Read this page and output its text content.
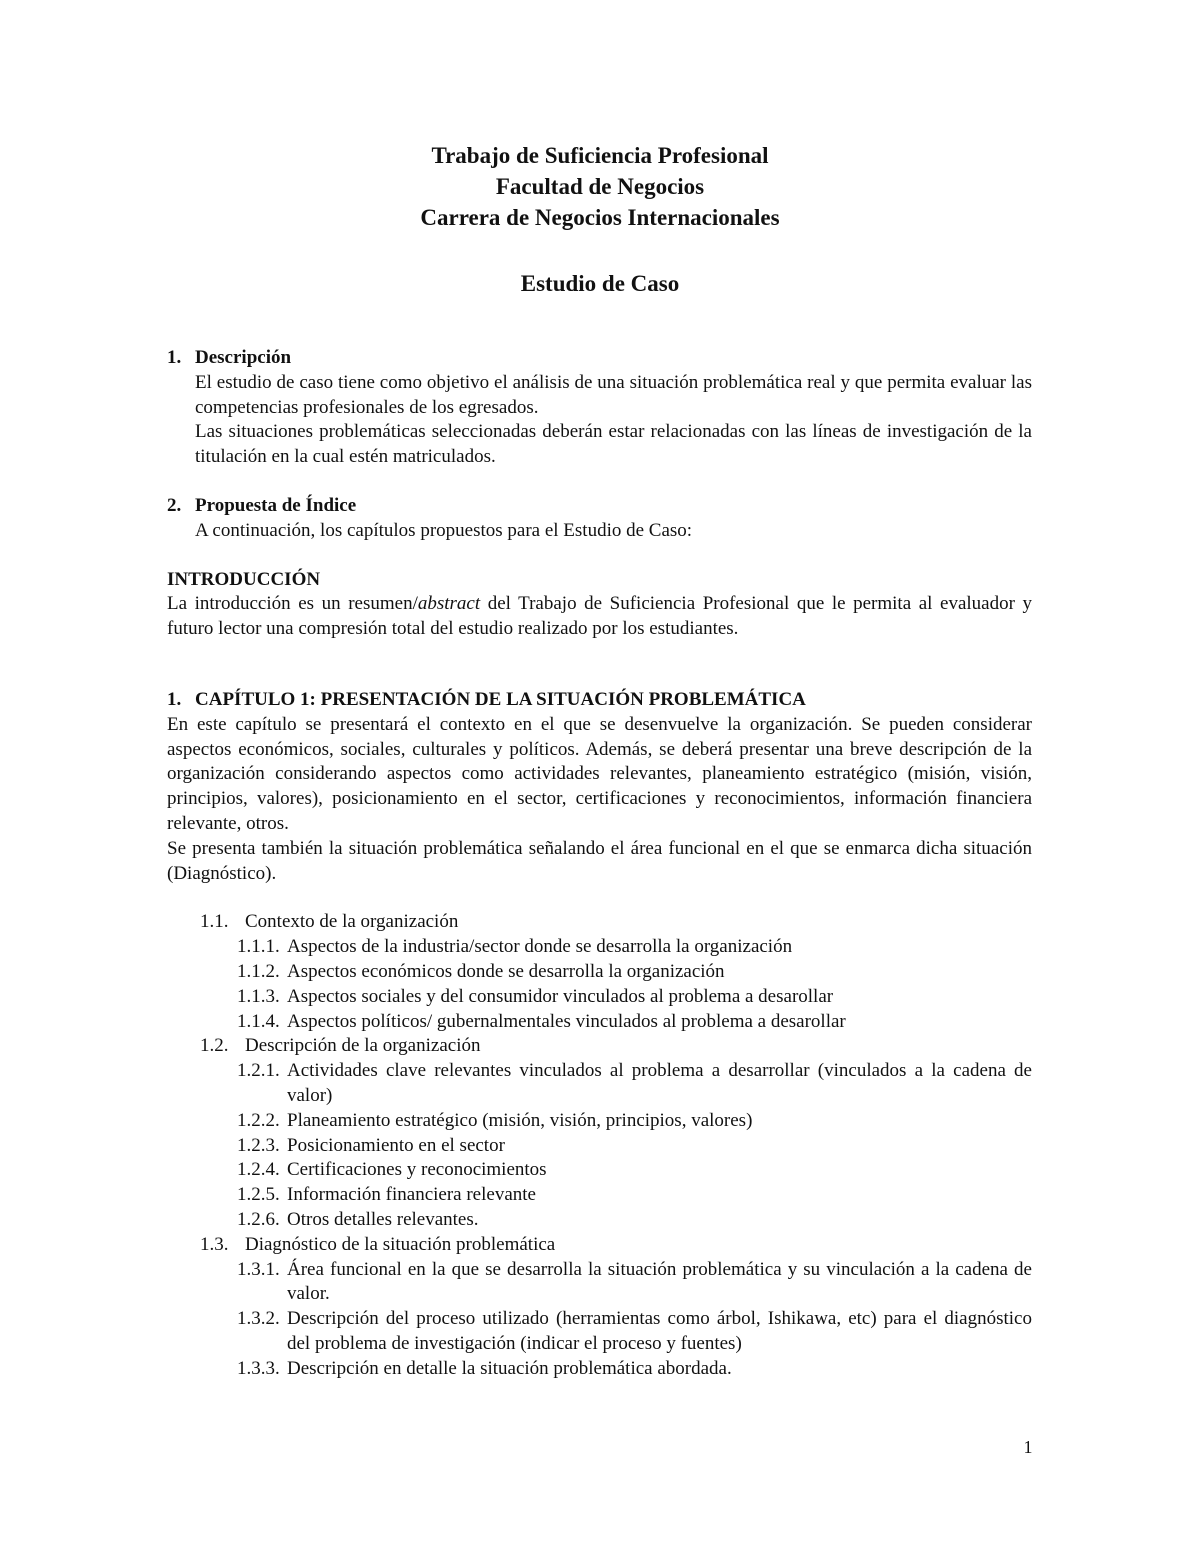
Trabajo de Suficiencia Profesional
Facultad de Negocios
Carrera de Negocios Internacionales
Estudio de Caso
1. Descripción
El estudio de caso tiene como objetivo el análisis de una situación problemática real y que permita evaluar las competencias profesionales de los egresados.
Las situaciones problemáticas seleccionadas deberán estar relacionadas con las líneas de investigación de la titulación en la cual estén matriculados.
2. Propuesta de Índice
A continuación, los capítulos propuestos para el Estudio de Caso:
INTRODUCCIÓN
La introducción es un resumen/abstract del Trabajo de Suficiencia Profesional que le permita al evaluador y futuro lector una compresión total del estudio realizado por los estudiantes.
1. CAPÍTULO 1: PRESENTACIÓN DE LA SITUACIÓN PROBLEMÁTICA
En este capítulo se presentará el contexto en el que se desenvuelve la organización. Se pueden considerar aspectos económicos, sociales, culturales y políticos. Además, se deberá presentar una breve descripción de la organización considerando aspectos como actividades relevantes, planeamiento estratégico (misión, visión, principios, valores), posicionamiento en el sector, certificaciones y reconocimientos, información financiera relevante, otros.
Se presenta también la situación problemática señalando el área funcional en el que se enmarca dicha situación (Diagnóstico).
1.1. Contexto de la organización
1.1.1. Aspectos de la industria/sector donde se desarrolla la organización
1.1.2. Aspectos económicos donde se desarrolla la organización
1.1.3. Aspectos sociales y del consumidor vinculados al problema a desarollar
1.1.4. Aspectos políticos/ gubernalmentales vinculados al problema a desarollar
1.2. Descripción de la organización
1.2.1. Actividades clave relevantes vinculados al problema a desarrollar (vinculados a la cadena de valor)
1.2.2. Planeamiento estratégico (misión, visión, principios, valores)
1.2.3. Posicionamiento en el sector
1.2.4. Certificaciones y reconocimientos
1.2.5. Información financiera relevante
1.2.6. Otros detalles relevantes.
1.3. Diagnóstico de la situación problemática
1.3.1. Área funcional en la que se desarrolla la situación problemática y su vinculación a la cadena de valor.
1.3.2. Descripción del proceso utilizado (herramientas como árbol, Ishikawa, etc) para el diagnóstico del problema de investigación (indicar el proceso y fuentes)
1.3.3. Descripción en detalle la situación problemática abordada.
1
